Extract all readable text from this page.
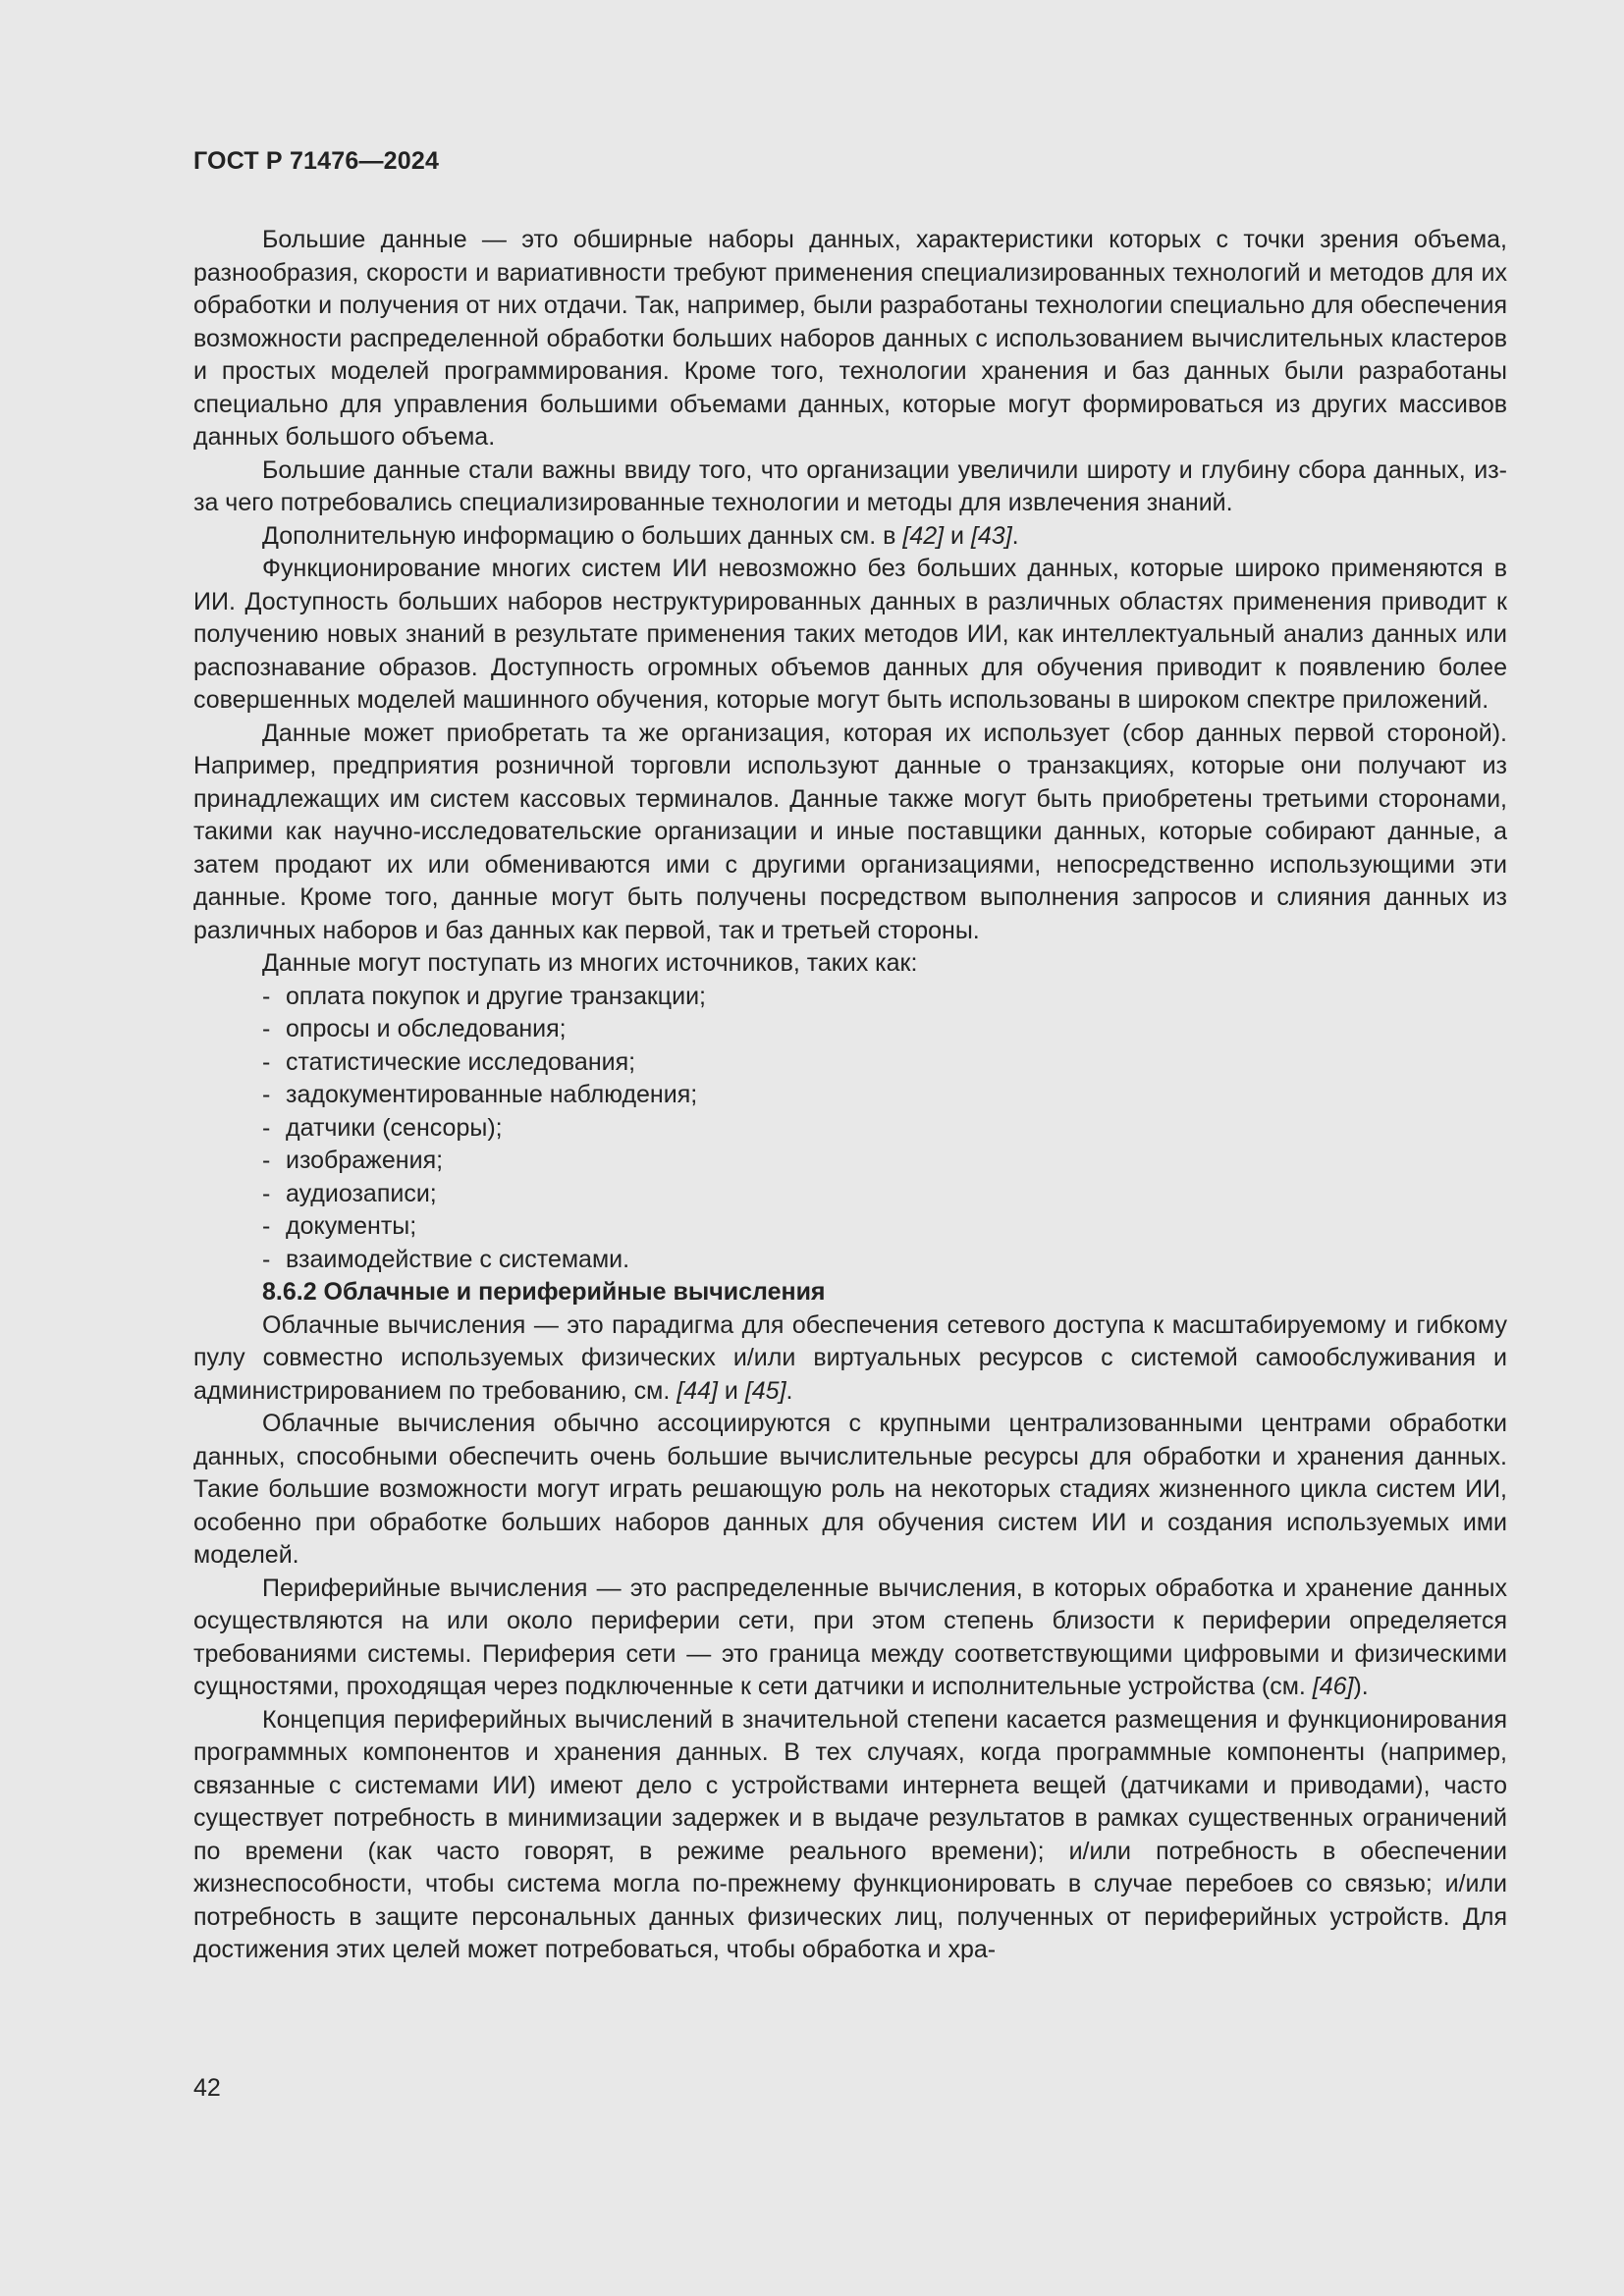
ГОСТ Р 71476—2024

Большие данные — это обширные наборы данных, характеристики которых с точки зрения объема, разнообразия, скорости и вариативности требуют применения специализированных технологий и методов для их обработки и получения от них отдачи. Так, например, были разработаны технологии специально для обеспечения возможности распределенной обработки больших наборов данных с использованием вычислительных кластеров и простых моделей программирования. Кроме того, технологии хранения и баз данных были разработаны специально для управления большими объемами данных, которые могут формироваться из других массивов данных большого объема.

Большие данные стали важны ввиду того, что организации увеличили широту и глубину сбора данных, из-за чего потребовались специализированные технологии и методы для извлечения знаний.

Дополнительную информацию о больших данных см. в [42] и [43].

Функционирование многих систем ИИ невозможно без больших данных, которые широко применяются в ИИ. Доступность больших наборов неструктурированных данных в различных областях применения приводит к получению новых знаний в результате применения таких методов ИИ, как интеллектуальный анализ данных или распознавание образов. Доступность огромных объемов данных для обучения приводит к появлению более совершенных моделей машинного обучения, которые могут быть использованы в широком спектре приложений.

Данные может приобретать та же организация, которая их использует (сбор данных первой стороной). Например, предприятия розничной торговли используют данные о транзакциях, которые они получают из принадлежащих им систем кассовых терминалов. Данные также могут быть приобретены третьими сторонами, такими как научно-исследовательские организации и иные поставщики данных, которые собирают данные, а затем продают их или обмениваются ими с другими организациями, непосредственно использующими эти данные. Кроме того, данные могут быть получены посредством выполнения запросов и слияния данных из различных наборов и баз данных как первой, так и третьей стороны.

Данные могут поступать из многих источников, таких как:

- оплата покупок и другие транзакции;
- опросы и обследования;
- статистические исследования;
- задокументированные наблюдения;
- датчики (сенсоры);
- изображения;
- аудиозаписи;
- документы;
- взаимодействие с системами.
8.6.2 Облачные и периферийные вычисления

Облачные вычисления — это парадигма для обеспечения сетевого доступа к масштабируемому и гибкому пулу совместно используемых физических и/или виртуальных ресурсов с системой самообслуживания и администрированием по требованию, см. [44] и [45].

Облачные вычисления обычно ассоциируются с крупными централизованными центрами обработки данных, способными обеспечить очень большие вычислительные ресурсы для обработки и хранения данных. Такие большие возможности могут играть решающую роль на некоторых стадиях жизненного цикла систем ИИ, особенно при обработке больших наборов данных для обучения систем ИИ и создания используемых ими моделей.

Периферийные вычисления — это распределенные вычисления, в которых обработка и хранение данных осуществляются на или около периферии сети, при этом степень близости к периферии определяется требованиями системы. Периферия сети — это граница между соответствующими цифровыми и физическими сущностями, проходящая через подключенные к сети датчики и исполнительные устройства (см. [46]).

Концепция периферийных вычислений в значительной степени касается размещения и функционирования программных компонентов и хранения данных. В тех случаях, когда программные компоненты (например, связанные с системами ИИ) имеют дело с устройствами интернета вещей (датчиками и приводами), часто существует потребность в минимизации задержек и в выдаче результатов в рамках существенных ограничений по времени (как часто говорят, в режиме реального времени); и/или потребность в обеспечении жизнеспособности, чтобы система могла по-прежнему функционировать в случае перебоев со связью; и/или потребность в защите персональных данных физических лиц, полученных от периферийных устройств. Для достижения этих целей может потребоваться, чтобы обработка и хра-

42
